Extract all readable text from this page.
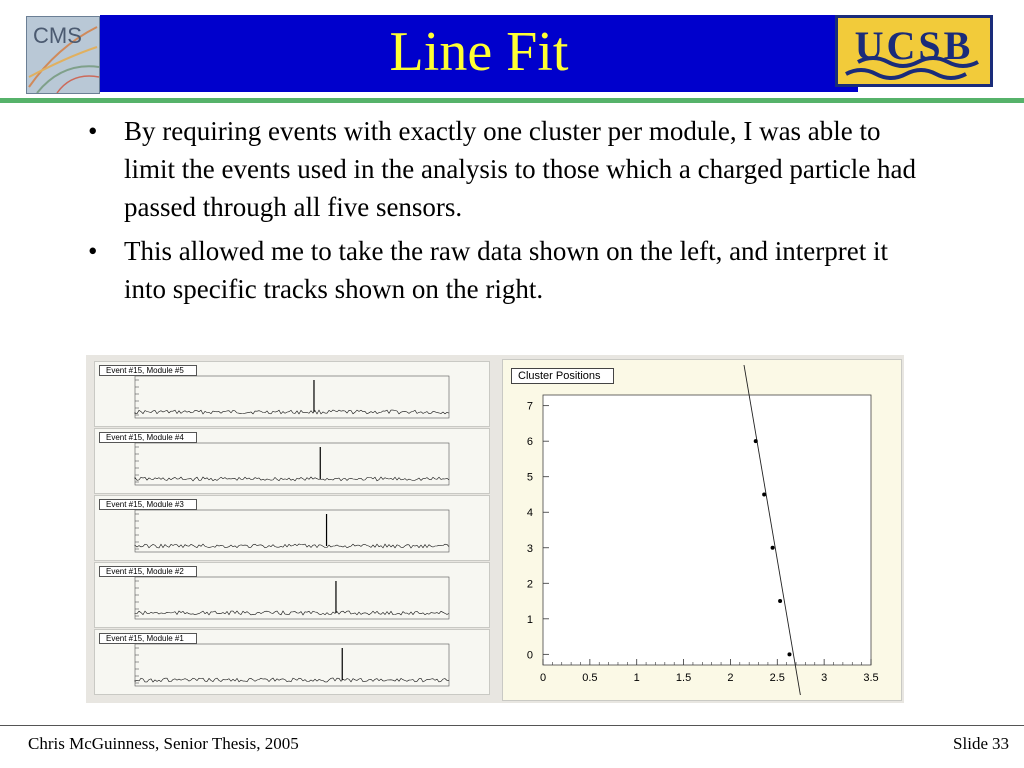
CMS	Line Fit	UCSB
• By requiring events with exactly one cluster per module, I was able to limit the events used in the analysis to those which a charged particle had passed through all five sensors.
• This allowed me to take the raw data shown on the left, and interpret it into specific tracks shown on the right.
Event #15, Module #5
Event #15, Module #4
Event #15, Module #3
Event #15, Module #2
Event #15, Module #1
Cluster Positions
0	0.5	1	1.5	2	2.5	3	3.5
0
1
2
3
4
5
6
7
Chris McGuinness, Senior Thesis, 2005	Slide 33
